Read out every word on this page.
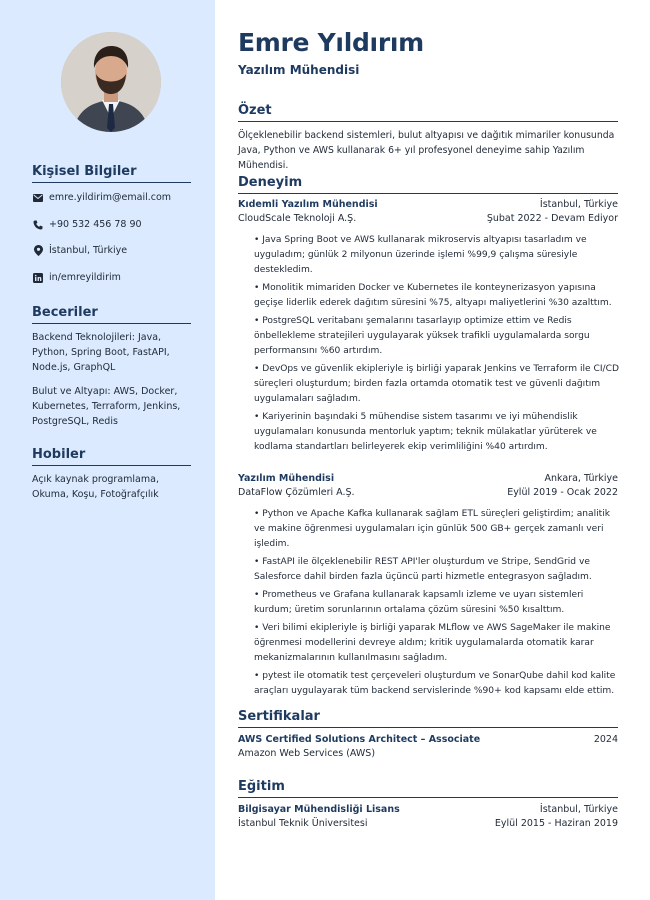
Kişisel Bilgiler
emre.yildirim@email.com
+90 532 456 78 90
İstanbul, Türkiye
in/emreyildirim
Beceriler
Backend Teknolojileri: Java, Python, Spring Boot, FastAPI, Node.js, GraphQL
Bulut ve Altyapı: AWS, Docker, Kubernetes, Terraform, Jenkins, PostgreSQL, Redis
Hobiler
Açık kaynak programlama, Okuma, Koşu, Fotoğrafçılık
Emre Yıldırım
Yazılım Mühendisi
Özet
Ölçeklenebilir backend sistemleri, bulut altyapısı ve dağıtık mimariler konusunda Java, Python ve AWS kullanarak 6+ yıl profesyonel deneyime sahip Yazılım Mühendisi.
Deneyim
Kıdemli Yazılım Mühendisi	İstanbul, Türkiye
CloudScale Teknoloji A.Ş.	Şubat 2022 - Devam Ediyor
• Java Spring Boot ve AWS kullanarak mikroservis altyapısı tasarladım ve uyguladım; günlük 2 milyonun üzerinde işlemi %99,9 çalışma süresiyle destekledim.
• Monolitik mimariden Docker ve Kubernetes ile konteynerizasyon yapısına geçişe liderlik ederek dağıtım süresini %75, altyapı maliyetlerini %30 azalttım.
• PostgreSQL veritabanı şemalarını tasarlayıp optimize ettim ve Redis önbellekleme stratejileri uygulayarak yüksek trafikli uygulamalarda sorgu performansını %60 artırdım.
• DevOps ve güvenlik ekipleriyle iş birliği yaparak Jenkins ve Terraform ile CI/CD süreçleri oluşturdum; birden fazla ortamda otomatik test ve güvenli dağıtım uygulamaları sağladım.
• Kariyerinin başındaki 5 mühendise sistem tasarımı ve iyi mühendislik uygulamaları konusunda mentorluk yaptım; teknik mülakatlar yürüterek ve kodlama standartları belirleyerek ekip verimliliğini %40 artırdım.
Yazılım Mühendisi	Ankara, Türkiye
DataFlow Çözümleri A.Ş.	Eylül 2019 - Ocak 2022
• Python ve Apache Kafka kullanarak sağlam ETL süreçleri geliştirdim; analitik ve makine öğrenmesi uygulamaları için günlük 500 GB+ gerçek zamanlı veri işledim.
• FastAPI ile ölçeklenebilir REST API'ler oluşturdum ve Stripe, SendGrid ve Salesforce dahil birden fazla üçüncü parti hizmetle entegrasyon sağladım.
• Prometheus ve Grafana kullanarak kapsamlı izleme ve uyarı sistemleri kurdum; üretim sorunlarının ortalama çözüm süresini %50 kısalttım.
• Veri bilimi ekipleriyle iş birliği yaparak MLflow ve AWS SageMaker ile makine öğrenmesi modellerini devreye aldım; kritik uygulamalarda otomatik karar mekanizmalarının kullanılmasını sağladım.
• pytest ile otomatik test çerçeveleri oluşturdum ve SonarQube dahil kod kalite araçları uygulayarak tüm backend servislerinde %90+ kod kapsamı elde ettim.
Sertifikalar
AWS Certified Solutions Architect – Associate	2024
Amazon Web Services (AWS)
Eğitim
Bilgisayar Mühendisliği Lisans	İstanbul, Türkiye
İstanbul Teknik Üniversitesi	Eylül 2015 - Haziran 2019
